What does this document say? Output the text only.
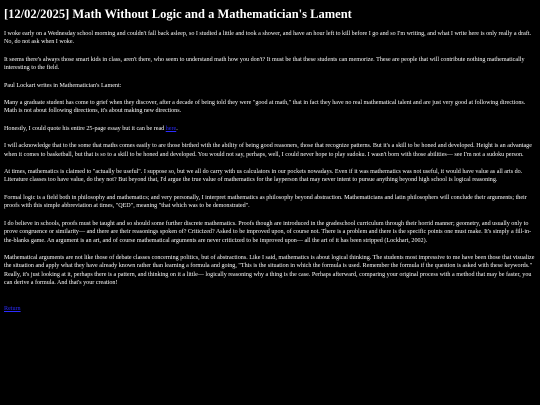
[12/02/2025] Math Without Logic and a Mathematician's Lament

I woke early on a Wednesday school morning and couldn't fall back asleep, so I studied a little and took a shower, and have an hour left to kill before I go and so I'm writing, and what I write here is only really a draft. No, do not ask when I woke.

It seems there's always those smart kids in class, aren't there, who seem to understand math how you don't? It must be that these students can memorize. These are people that will contribute nothing mathematically interesting to the field.

Paul Lockart writes in Mathematician's Lament:

Many a graduate student has come to grief when they discover, after a decade of being told they were "good at math," that in fact they have no real mathematical talent and are just very good at following directions. Math is not about following directions, it's about making new directions.

Honestly, I could quote his entire 25-page essay but it can be read here.

I will acknowledge that to the some that maths comes easily to are those birthed with the ability of being good reasoners, those that recognize patterns. But it's a skill to be honed and developed. Height is an advantage when it comes to basketball, but that is so to a skill to be honed and developed. You would not say, perhaps, well, I could never hope to play sudoku. I wasn't born with those abilities— see I'm not a sudoku person.

At times, mathematics is claimed to "actually be useful". I suppose so, but we all do carry with us calculators in our pockets nowadays. Even if it was mathematics was not useful, it would have value as all arts do. Literature classes too have value, do they not? But beyond that, I'd argue the true value of mathematics for the layperson that may never intent to pursue anything beyond high school is logical reasoning.

Formal logic is a field both in philosophy and mathematics; and very personally, I interpret mathematics as philosophy beyond abstraction. Mathematicians and latin philosophers will conclude their arguments; their proofs with this simple abbreviation at times, "QED", meaning "that which was to be demonstrated".

I do believe in schools, proofs must be taught and so should some further discrete mathematics. Proofs though are introduced in the gradeschool curriculum through their horrid manner; geometry, and usually only to prove congruence or similarity— and there are their reasonings spoken of? Criticized? Asked to be improved upon, of course not. There is a problem and there is the specific points one must make. It's simply a fill-in-the-blanks game. An argument is an art, and of course mathematical arguments are never criticized to be improved upon— all the art of it has been stripped (Lockhart, 2002).

Mathematical arguments are not like those of debate classes concerning politics, but of abstractions. Like I said, mathematics is about logical thinking. The students most impressive to me have been those that visualize the situation and apply what they have already known rather than learning a formula and going, "This is the situation in which the formula is used. Remember the formula if the question is asked with these keywords." Really, it's just looking at it, perhaps there is a pattern, and thinking on it a little— logically reasoning why a thing is the case. Perhaps afterward, comparing your original process with a method that may be faster, you can derive a formula. And that's your creation!

Return
